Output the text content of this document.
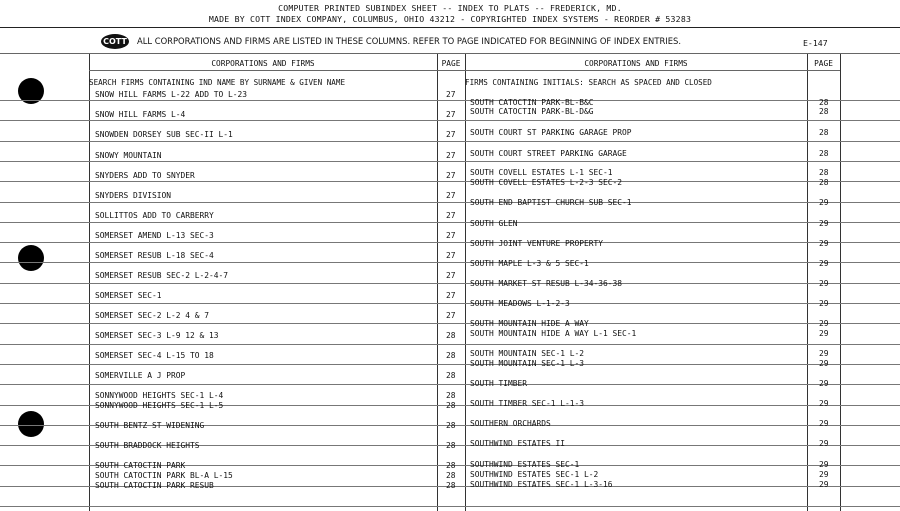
COMPUTER PRINTED SUBINDEX SHEET -- INDEX TO PLATS -- FREDERICK, MD.
MADE BY COTT INDEX COMPANY, COLUMBUS, OHIO 43212 - COPYRIGHTED INDEX SYSTEMS - REORDER # 53283
COTT ALL CORPORATIONS AND FIRMS ARE LISTED IN THESE COLUMNS. REFER TO PAGE INDICATED FOR BEGINNING OF INDEX ENTRIES.	E-147
CORPORATIONS AND FIRMS	PAGE	CORPORATIONS AND FIRMS	PAGE
SEARCH FIRMS CONTAINING IND NAME BY SURNAME & GIVEN NAME	FIRMS CONTAINING INITIALS: SEARCH AS SPACED AND CLOSED
SNOW HILL FARMS L-22 ADD TO L-23	27
SNOW HILL FARMS L-4	27
SNOWDEN DORSEY SUB SEC-II L-1	27
SNOWY MOUNTAIN	27
SNYDERS ADD TO SNYDER	27
SNYDERS DIVISION	27
SOLLITTOS ADD TO CARBERRY	27
SOMERSET AMEND L-13 SEC-3	27
SOMERSET RESUB L-18 SEC-4	27
SOMERSET RESUB SEC-2 L-2-4-7	27
SOMERSET SEC-1	27
SOMERSET SEC-2 L-2 4 & 7	27
SOMERSET SEC-3 L-9 12 & 13	28
SOMERSET SEC-4 L-15 TO 18	28
SOMERVILLE A J PROP	28
SONNYWOOD HEIGHTS SEC-1 L-4	28
SONNYWOOD HEIGHTS SEC-1 L-5	28
SOUTH BENTZ ST WIDENING	28
SOUTH BRADDOCK HEIGHTS	28
SOUTH CATOCTIN PARK	28
SOUTH CATOCTIN PARK BL-A L-15	28
SOUTH CATOCTIN PARK RESUB	28
SOUTH CATOCTIN PARK-BL-B&C	28
SOUTH CATOCTIN PARK-BL-D&G	28
SOUTH COURT ST PARKING GARAGE PROP	28
SOUTH COURT STREET PARKING GARAGE	28
SOUTH COVELL ESTATES L-1 SEC-1	28
SOUTH COVELL ESTATES L-2-3 SEC-2	28
SOUTH END BAPTIST CHURCH SUB SEC-1	29
SOUTH GLEN	29
SOUTH JOINT VENTURE PROPERTY	29
SOUTH MAPLE L-3 & 5 SEC-1	29
SOUTH MARKET ST RESUB L-34-36-38	29
SOUTH MEADOWS L-1-2-3	29
SOUTH MOUNTAIN HIDE A WAY	29
SOUTH MOUNTAIN HIDE A WAY L-1 SEC-1	29
SOUTH MOUNTAIN SEC-1 L-2	29
SOUTH MOUNTAIN SEC-1 L-3	29
SOUTH TIMBER	29
SOUTH TIMBER SEC-1 L-1-3	29
SOUTHERN ORCHARDS	29
SOUTHWIND ESTATES II	29
SOUTHWIND ESTATES SEC-1	29
SOUTHWIND ESTATES SEC-1 L-2	29
SOUTHWIND ESTATES SEC-1 L-3-16	29
